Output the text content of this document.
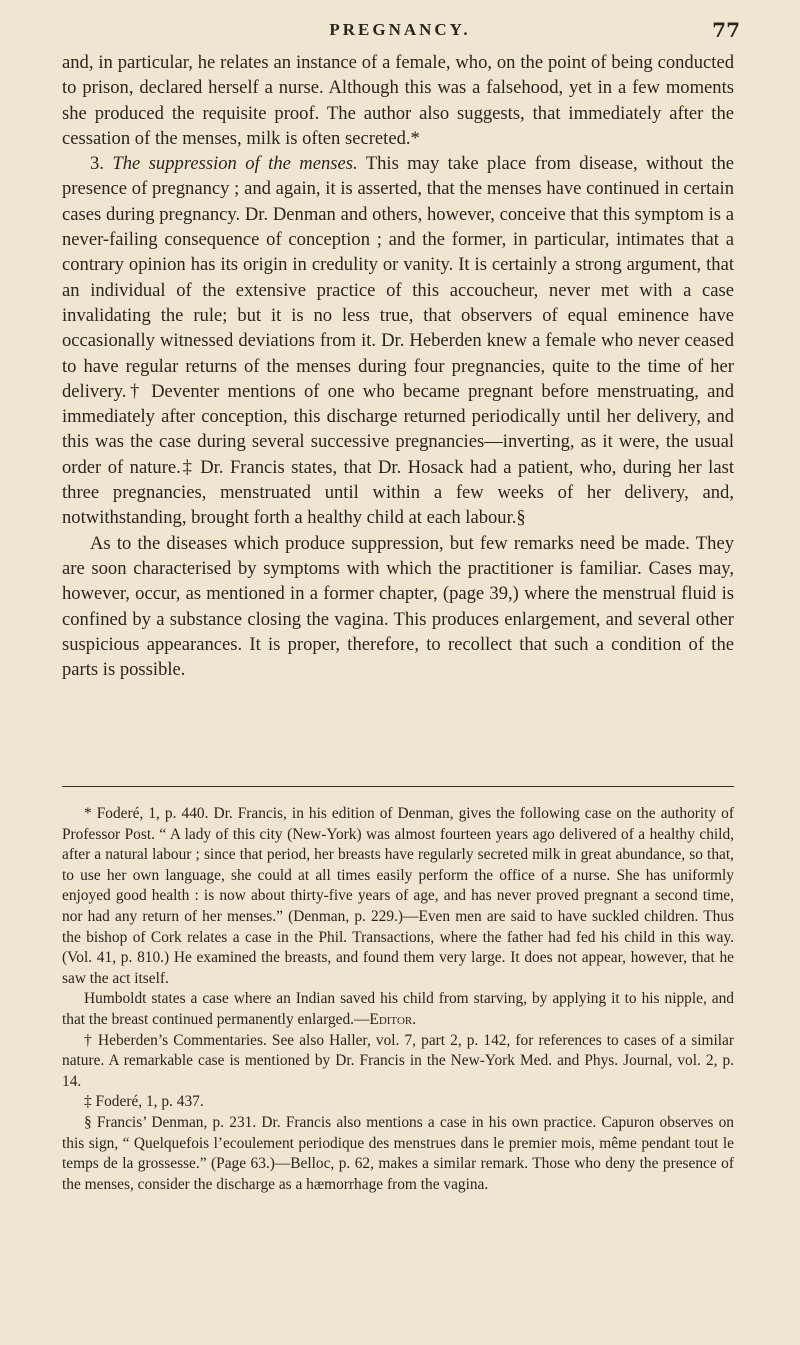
PREGNANCY.	77

and, in particular, he relates an instance of a female, who, on the point of being conducted to prison, declared herself a nurse. Although this was a falsehood, yet in a few moments she produced the requisite proof. The author also suggests, that immediately after the cessation of the menses, milk is often secreted.*

3. The suppression of the menses. This may take place from disease, without the presence of pregnancy ; and again, it is asserted, that the menses have continued in certain cases during pregnancy. Dr. Denman and others, however, conceive that this symptom is a never-failing consequence of conception ; and the former, in particular, intimates that a contrary opinion has its origin in credulity or vanity. It is certainly a strong argument, that an individual of the extensive practice of this accoucheur, never met with a case invalidating the rule; but it is no less true, that observers of equal eminence have occasionally witnessed deviations from it. Dr. Heberden knew a female who never ceased to have regular returns of the menses during four pregnancies, quite to the time of her delivery.† Deventer mentions of one who became pregnant before menstruating, and immediately after conception, this discharge returned periodically until her delivery, and this was the case during several successive pregnancies—inverting, as it were, the usual order of nature.‡ Dr. Francis states, that Dr. Hosack had a patient, who, during her last three pregnancies, menstruated until within a few weeks of her delivery, and, notwithstanding, brought forth a healthy child at each labour.§

As to the diseases which produce suppression, but few remarks need be made. They are soon characterised by symptoms with which the practitioner is familiar. Cases may, however, occur, as mentioned in a former chapter, (page 39,) where the menstrual fluid is confined by a substance closing the vagina. This produces enlargement, and several other suspicious appearances. It is proper, therefore, to recollect that such a condition of the parts is possible.

* Foderé, 1, p. 440. Dr. Francis, in his edition of Denman, gives the following case on the authority of Professor Post. “ A lady of this city (New-York) was almost fourteen years ago delivered of a healthy child, after a natural labour ; since that period, her breasts have regularly secreted milk in great abundance, so that, to use her own language, she could at all times easily perform the office of a nurse. She has uniformly enjoyed good health : is now about thirty-five years of age, and has never proved pregnant a second time, nor had any return of her menses.” (Denman, p. 229.)—Even men are said to have suckled children. Thus the bishop of Cork relates a case in the Phil. Transactions, where the father had fed his child in this way. (Vol. 41, p. 810.) He examined the breasts, and found them very large. It does not appear, however, that he saw the act itself.

Humboldt states a case where an Indian saved his child from starving, by applying it to his nipple, and that the breast continued permanently enlarged.—Editor.

† Heberden’s Commentaries. See also Haller, vol. 7, part 2, p. 142, for references to cases of a similar nature. A remarkable case is mentioned by Dr. Francis in the New-York Med. and Phys. Journal, vol. 2, p. 14.

‡ Foderé, 1, p. 437.

§ Francis’ Denman, p. 231. Dr. Francis also mentions a case in his own practice. Capuron observes on this sign, “ Quelquefois l’ecoulement periodique des menstrues dans le premier mois, même pendant tout le temps de la grossesse.” (Page 63.)—Belloc, p. 62, makes a similar remark. Those who deny the presence of the menses, consider the discharge as a hæmorrhage from the vagina.
